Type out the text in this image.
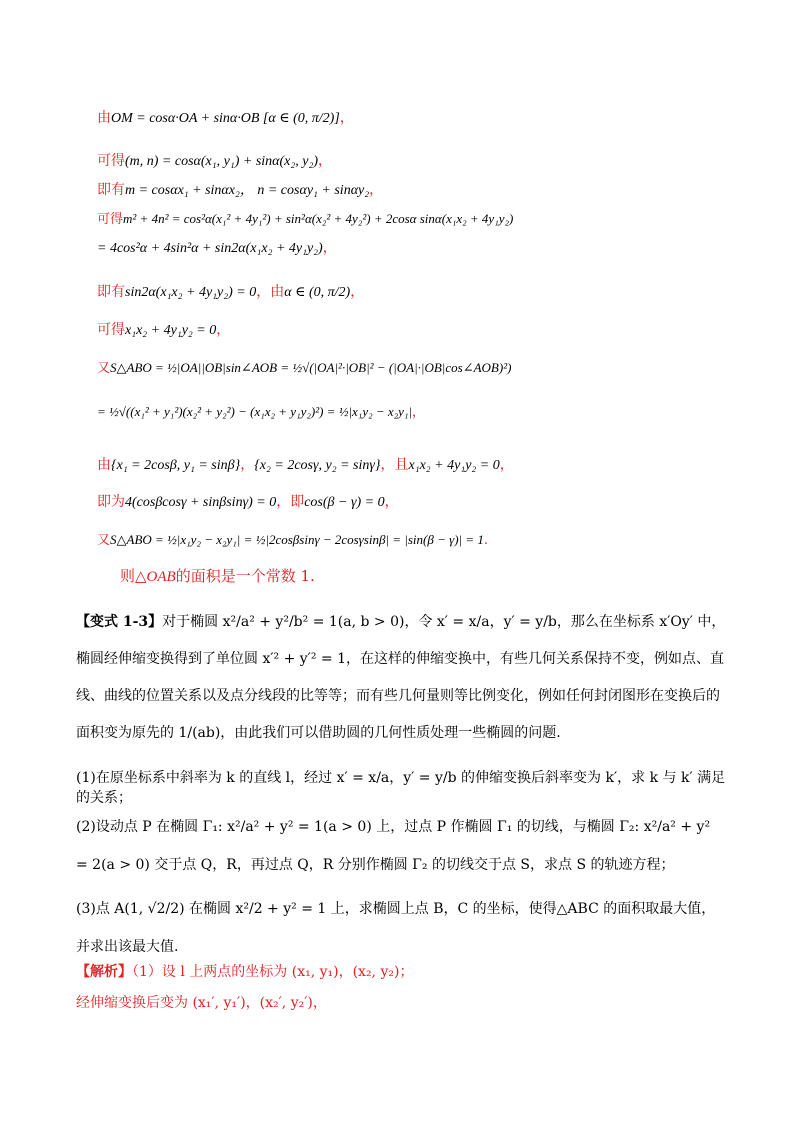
由OM = cosα·OA + sinα·OB [α ∈ (0, π/2)]，
可得(m, n) = cosα(x₁, y₁) + sinα(x₂, y₂)，
即有m = cosαx₁ + sinαx₂， n = cosαy₁ + sinαy₂，
可得m² + 4n² = cos²α(x₁² + 4y₁²) + sin²α(x₂² + 4y₂²) + 2cosα sinα(x₁x₂ + 4y₁y₂)
= 4cos²α + 4sin²α + sin2α(x₁x₂ + 4y₁y₂)，
即有sin2α(x₁x₂ + 4y₁y₂) = 0，由α ∈ (0, π/2)，
可得x₁x₂ + 4y₁y₂ = 0，
又S△ABO = ½|OA||OB|sin∠AOB = ½√(|OA|²·|OB|² − (|OA|·|OB|cos∠AOB)²)
= ½√((x₁² + y₁²)(x₂² + y₂²) − (x₁x₂ + y₁y₂)²) = ½|x₁y₂ − x₂y₁|，
由{x₁ = 2cosβ, y₁ = sinβ}，{x₂ = 2cosγ, y₂ = sinγ}，且x₁x₂ + 4y₁y₂ = 0，
即为4(cosβcosγ + sinβsinγ) = 0，即cos(β − γ) = 0，
又S△ABO = ½|x₁y₂ − x₂y₁| = ½|2cosβsinγ − 2cosγsinβ| = |sin(β − γ)| = 1.
则△OAB的面积是一个常数 1.
【变式 1-3】对于椭圆 x²/a² + y²/b² = 1(a, b > 0)，令 x′ = x/a，y′ = y/b，那么在坐标系 x′Oy′ 中，椭圆经伸缩变换得到了单位圆 x′² + y′² = 1，在这样的伸缩变换中，有些几何关系保持不变，例如点、直线、曲线的位置关系以及点分线段的比等等；而有些几何量则等比例变化，例如任何封闭图形在变换后的面积变为原先的 1/(ab)，由此我们可以借助圆的几何性质处理一些椭圆的问题.
(1)在原坐标系中斜率为 k 的直线 l，经过 x′ = x/a，y′ = y/b 的伸缩变换后斜率变为 k′，求 k 与 k′ 满足的关系；
(2)设动点 P 在椭圆 Γ₁: x²/a² + y² = 1(a > 0) 上，过点 P 作椭圆 Γ₁ 的切线，与椭圆 Γ₂: x²/a² + y² = 2(a > 0) 交于点 Q，R，再过点 Q，R 分别作椭圆 Γ₂ 的切线交于点 S，求点 S 的轨迹方程；
(3)点 A(1, √2/2) 在椭圆 x²/2 + y² = 1 上，求椭圆上点 B，C 的坐标，使得△ABC 的面积取最大值，并求出该最大值.
【解析】（1）设 l 上两点的坐标为 (x₁, y₁)，(x₂, y₂)；
经伸缩变换后变为 (x₁′, y₁′)，(x₂′, y₂′)，
